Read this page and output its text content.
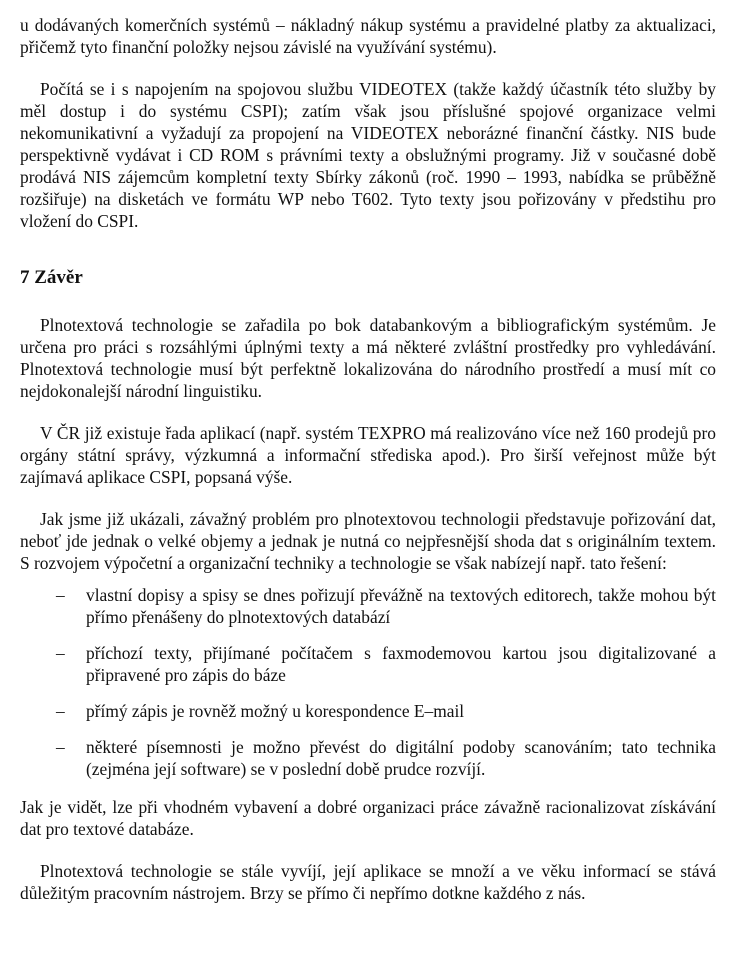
u dodávaných komerčních systémů – nákladný nákup systému a pravidelné platby za aktualizaci, přičemž tyto finanční položky nejsou závislé na využívání systému).

Počítá se i s napojením na spojovou službu VIDEOTEX (takže každý účastník této služby by měl dostup i do systému CSPI); zatím však jsou příslušné spojové organizace velmi nekomunikativní a vyžadují za propojení na VIDEOTEX neborázné finanční částky. NIS bude perspektivně vydávat i CD ROM s právními texty a obslužnými programy. Již v současné době prodává NIS zájemcům kompletní texty Sbírky zákonů (roč. 1990 – 1993, nabídka se průběžně rozšiřuje) na disketách ve formátu WP nebo T602. Tyto texty jsou pořizovány v předstihu pro vložení do CSPI.

7 Závěr

Plnotextová technologie se zařadila po bok databankovým a bibliografickým systémům. Je určena pro práci s rozsáhlými úplnými texty a má některé zvláštní prostředky pro vyhledávání. Plnotextová technologie musí být perfektně lokalizována do národního prostředí a musí mít co nejdokonalejší národní linguistiku.

V ČR již existuje řada aplikací (např. systém TEXPRO má realizováno více než 160 prodejů pro orgány státní správy, výzkumná a informační střediska apod.). Pro širší veřejnost může být zajímavá aplikace CSPI, popsaná výše.

Jak jsme již ukázali, závažný problém pro plnotextovou technologii představuje pořizování dat, neboť jde jednak o velké objemy a jednak je nutná co nejpřesnější shoda dat s originálním textem. S rozvojem výpočetní a organizační techniky a technologie se však nabízejí např. tato řešení:

– vlastní dopisy a spisy se dnes pořizují převážně na textových editorech, takže mohou být přímo přenášeny do plnotextových databází
– příchozí texty, přijímané počítačem s faxmodemovou kartou jsou digitalizované a připravené pro zápis do báze
– přímý zápis je rovněž možný u korespondence E–mail
– některé písemnosti je možno převést do digitální podoby scanováním; tato technika (zejména její software) se v poslední době prudce rozvíjí.

Jak je vidět, lze při vhodném vybavení a dobré organizaci práce závažně racionalizovat získávání dat pro textové databáze.

Plnotextová technologie se stále vyvíjí, její aplikace se množí a ve věku informací se stává důležitým pracovním nástrojem. Brzy se přímo či nepřímo dotkne každého z nás.
